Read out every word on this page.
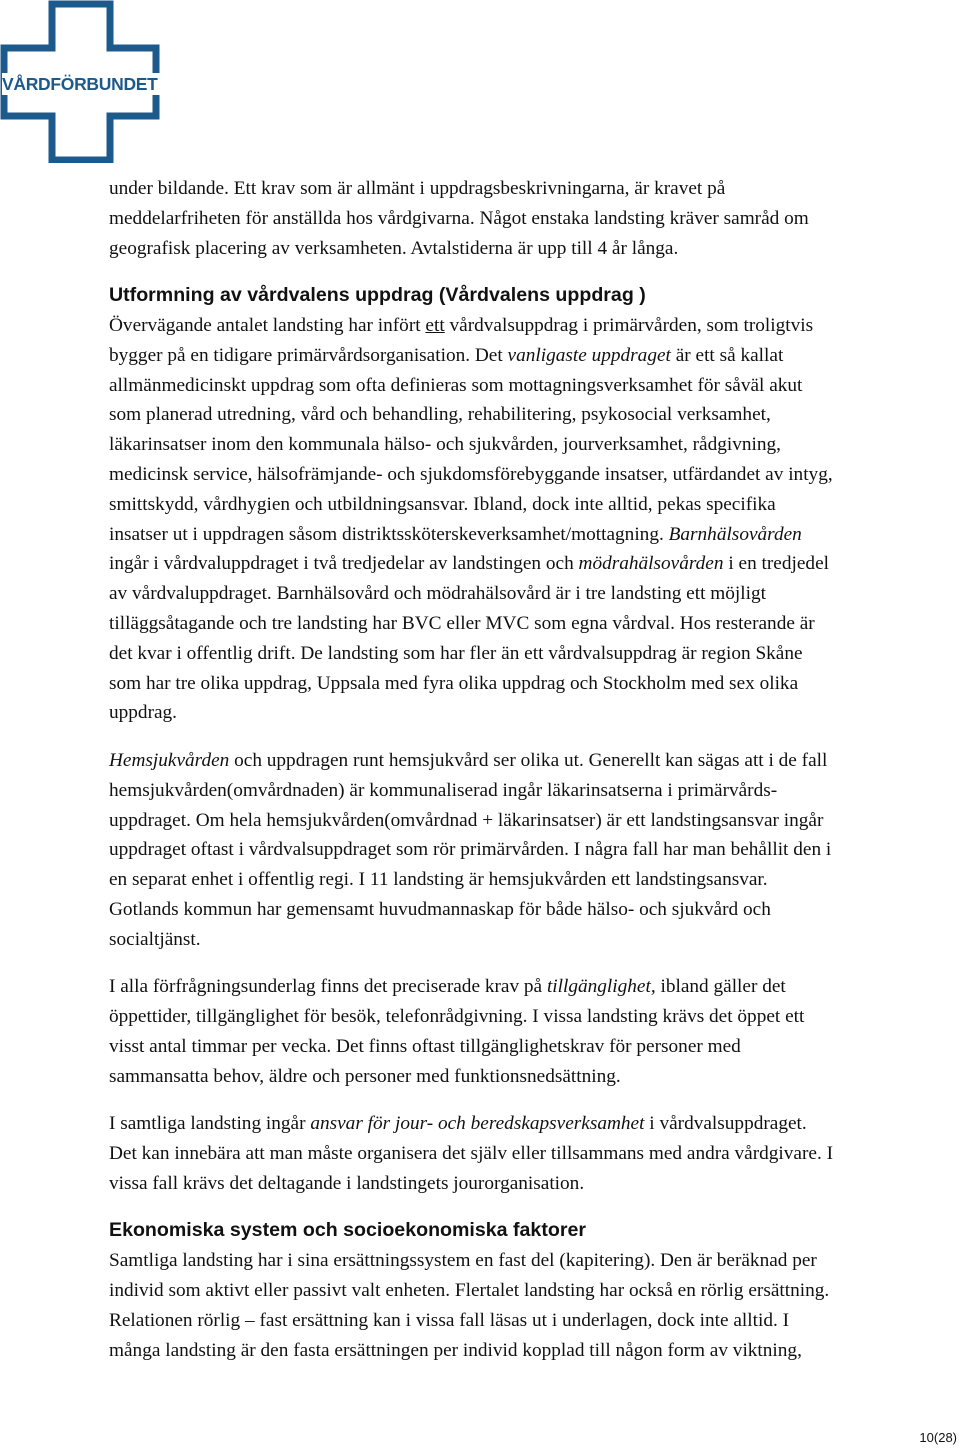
VÅRDFÖRBUNDET

under bildande. Ett krav som är allmänt i uppdragsbeskrivningarna, är kravet på

meddelarfriheten för anställda hos vårdgivarna. Något enstaka landsting kräver samråd om

geografisk placering av verksamheten. Avtalstiderna är upp till 4 år långa.

Utformning av vårdvalens uppdrag (Vårdvalens uppdrag )

Övervägande antalet landsting har infört ett vårdvalsuppdrag i primärvården, som troligtvis

bygger på en tidigare primärvårdsorganisation. Det vanligaste uppdraget är ett så kallat

allmänmedicinskt uppdrag som ofta definieras som mottagningsverksamhet för såväl akut

som planerad utredning, vård och behandling, rehabilitering, psykosocial verksamhet,

läkarinsatser inom den kommunala hälso- och sjukvården, jourverksamhet, rådgivning,

medicinsk service, hälsofrämjande- och sjukdomsförebyggande insatser, utfärdandet av intyg,

smittskydd, vårdhygien och utbildningsansvar. Ibland, dock inte alltid, pekas specifika

insatser ut i uppdragen såsom distriktssköterskeverksamhet/mottagning. Barnhälsovården

ingår i vårdvaluppdraget i två tredjedelar av landstingen och mödrahälsovården i en tredjedel

av vårdvaluppdraget. Barnhälsovård och mödrahälsovård är i tre landsting ett möjligt

tilläggsåtagande och tre landsting har BVC eller MVC som egna vårdval. Hos resterande är

det kvar i offentlig drift. De landsting som har fler än ett vårdvalsuppdrag är region Skåne

som har tre olika uppdrag, Uppsala med fyra olika uppdrag och Stockholm med sex olika

uppdrag.

Hemsjukvården och uppdragen runt hemsjukvård ser olika ut. Generellt kan sägas att i de fall

hemsjukvården(omvårdnaden) är kommunaliserad ingår läkarinsatserna i primärvårds-

uppdraget. Om hela hemsjukvården(omvårdnad + läkarinsatser) är ett landstingsansvar ingår

uppdraget oftast i vårdvalsuppdraget som rör primärvården. I några fall har man behållit den i

en separat enhet i offentlig regi. I 11 landsting är hemsjukvården ett landstingsansvar.

Gotlands kommun har gemensamt huvudmannaskap för både hälso- och sjukvård och

socialtjänst.

I alla förfrågningsunderlag finns det preciserade krav på tillgänglighet, ibland gäller det

öppettider, tillgänglighet för besök, telefonrådgivning. I vissa landsting krävs det öppet ett

visst antal timmar per vecka. Det finns oftast tillgänglighetskrav för personer med

sammansatta behov, äldre och personer med funktionsnedsättning.

I samtliga landsting ingår ansvar för jour- och beredskapsverksamhet i vårdvalsuppdraget.

Det kan innebära att man måste organisera det själv eller tillsammans med andra vårdgivare. I

vissa fall krävs det deltagande i landstingets jourorganisation.

Ekonomiska system och socioekonomiska faktorer

Samtliga landsting har i sina ersättningssystem en fast del (kapitering). Den är beräknad per

individ som aktivt eller passivt valt enheten. Flertalet landsting har också en rörlig ersättning.

Relationen rörlig – fast ersättning kan i vissa fall läsas ut i underlagen, dock inte alltid. I

många landsting är den fasta ersättningen per individ kopplad till någon form av viktning,

10(28)
